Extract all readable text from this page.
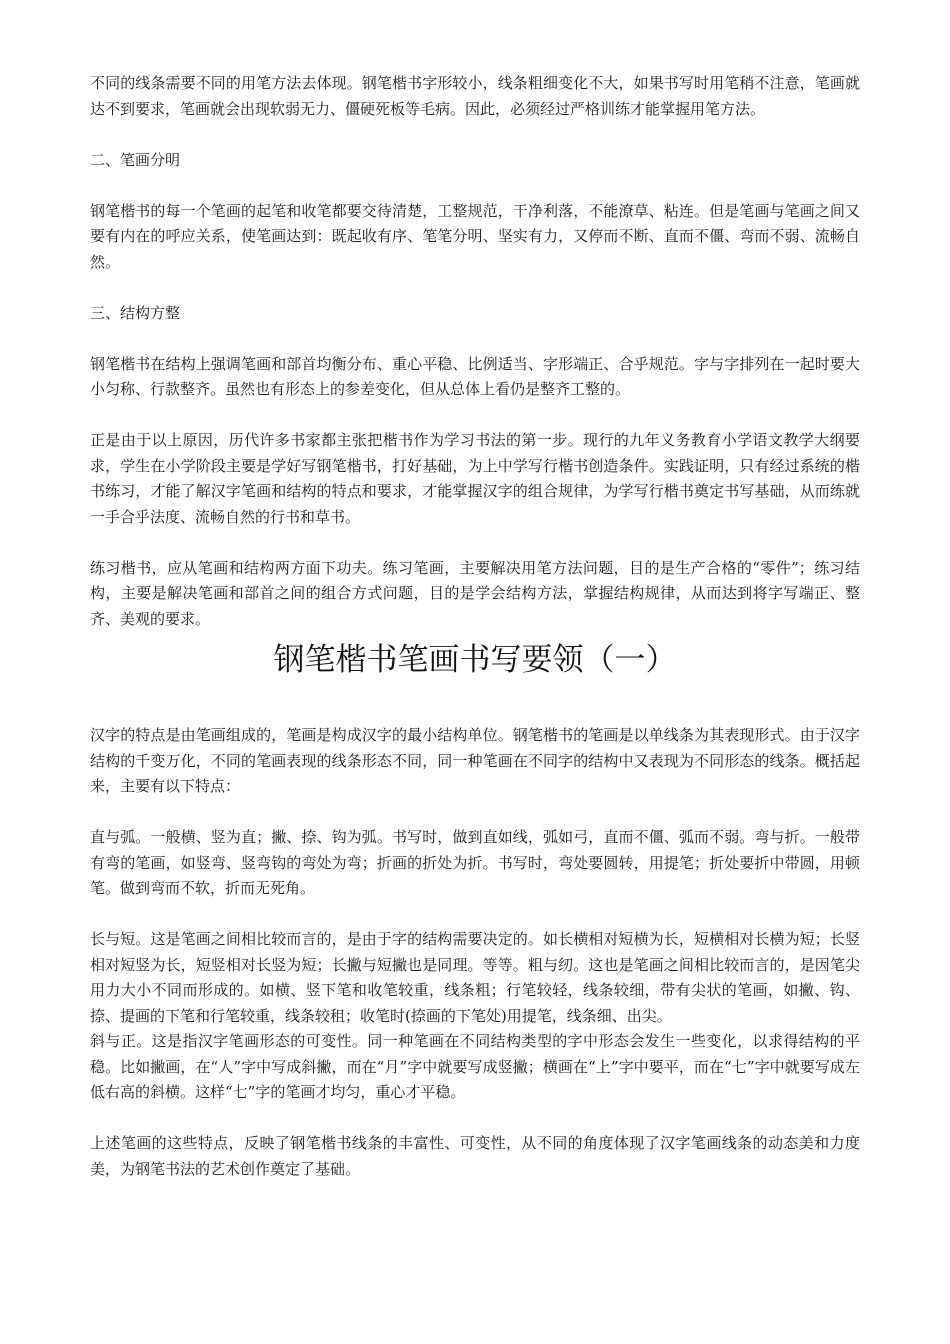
不同的线条需要不同的用笔方法去体现。钢笔楷书字形较小，线条粗细变化不大，如果书写时用笔稍不注意，笔画就达不到要求，笔画就会出现软弱无力、僵硬死板等毛病。因此，必须经过严格训练才能掌握用笔方法。

二、笔画分明

钢笔楷书的每一个笔画的起笔和收笔都要交待清楚，工整规范，干净利落，不能潦草、粘连。但是笔画与笔画之间又要有内在的呼应关系，使笔画达到：既起收有序、笔笔分明、坚实有力，又停而不断、直而不僵、弯而不弱、流畅自然。

三、结构方整

钢笔楷书在结构上强调笔画和部首均衡分布、重心平稳、比例适当、字形端正、合乎规范。字与字排列在一起时要大小匀称、行款整齐。虽然也有形态上的参差变化，但从总体上看仍是整齐工整的。

正是由于以上原因，历代许多书家都主张把楷书作为学习书法的第一步。现行的九年义务教育小学语文教学大纲要求，学生在小学阶段主要是学好写钢笔楷书，打好基础，为上中学写行楷书创造条件。实践证明，只有经过系统的楷书练习，才能了解汉字笔画和结构的特点和要求，才能掌握汉字的组合规律，为学写行楷书奠定书写基础，从而练就一手合乎法度、流畅自然的行书和草书。

练习楷书，应从笔画和结构两方面下功夫。练习笔画，主要解决用笔方法问题，目的是生产合格的“零件”；练习结构，主要是解决笔画和部首之间的组合方式问题，目的是学会结构方法，掌握结构规律，从而达到将字写端正、整齐、美观的要求。

钢笔楷书笔画书写要领（一）

汉字的特点是由笔画组成的，笔画是构成汉字的最小结构单位。钢笔楷书的笔画是以单线条为其表现形式。由于汉字结构的千变万化，不同的笔画表现的线条形态不同，同一种笔画在不同字的结构中又表现为不同形态的线条。概括起来，主要有以下特点：

直与弧。一般横、竖为直；撇、捺、钩为弧。书写时，做到直如线，弧如弓，直而不僵、弧而不弱。弯与折。一般带有弯的笔画，如竖弯、竖弯钩的弯处为弯；折画的折处为折。书写时，弯处要圆转，用提笔；折处要折中带圆，用顿笔。做到弯而不软，折而无死角。

长与短。这是笔画之间相比较而言的，是由于字的结构需要决定的。如长横相对短横为长，短横相对长横为短；长竖相对短竖为长，短竖相对长竖为短；长撇与短撇也是同理。等等。粗与纫。这也是笔画之间相比较而言的，是因笔尖用力大小不同而形成的。如横、竖下笔和收笔较重，线条粗；行笔较轻，线条较细，带有尖状的笔画，如撇、钩、捺、提画的下笔和行笔较重，线条较租；收笔时(捺画的下笔处)用提笔，线条细、出尖。

斜与正。这是指汉字笔画形态的可变性。同一种笔画在不同结构类型的字中形态会发生一些变化，以求得结构的平稳。比如撇画，在“人”字中写成斜撇，而在“月”字中就要写成竖撇；横画在“上”字中要平，而在“七”字中就要写成左低右高的斜横。这样“七”字的笔画才均匀，重心才平稳。

上述笔画的这些特点，反映了钢笔楷书线条的丰富性、可变性，从不同的角度体现了汉字笔画线条的动态美和力度美，为钢笔书法的艺术创作奠定了基础。
